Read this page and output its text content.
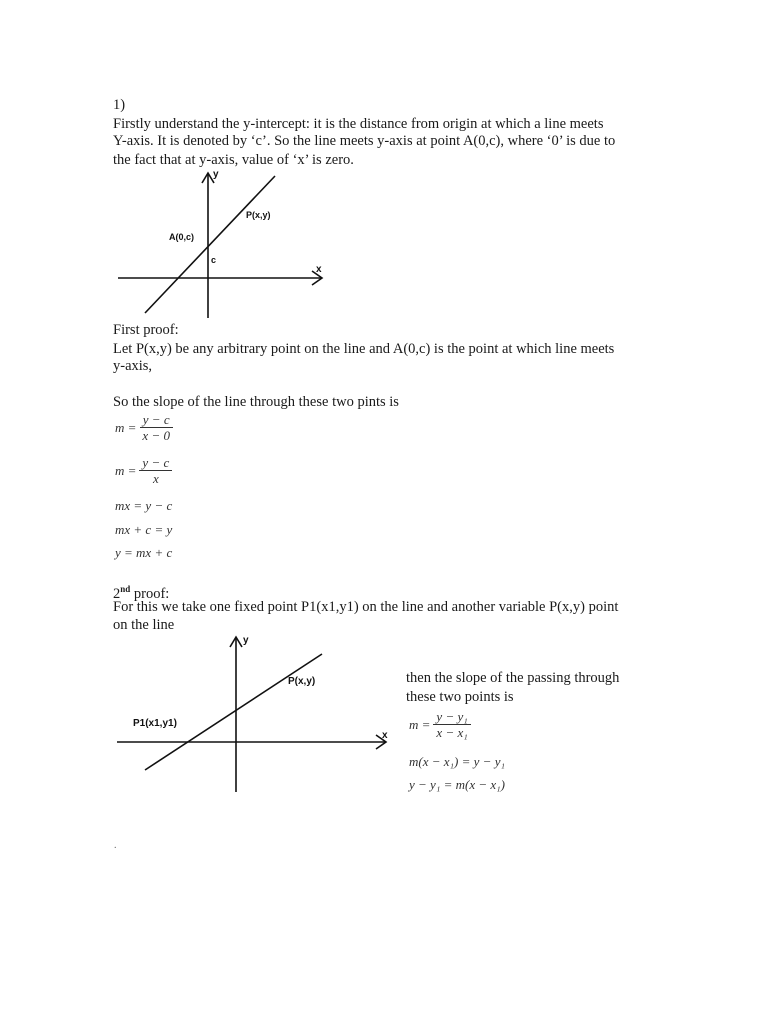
1)
Firstly understand the y-intercept: it is the distance from origin at which a line meets
Y-axis. It is denoted by ‘c’. So the line meets y-axis at point A(0,c), where ‘0’ is due to
the fact that at y-axis, value of ‘x’ is zero.
y
x
P(x,y)
A(0,c)
c
First proof:
Let P(x,y) be any arbitrary point on the line and A(0,c) is the point at which line meets
y-axis,
So the slope of the line through these two pints is
$m = \frac{y - c}{x - 0}$
$m = \frac{y - c}{x}$
mx = y − c
mx + c = y
y = mx + c
2nd proof:
For this we take one fixed point P1(x1,y1) on the line and another variable P(x,y) point
on the line
y
x
P(x,y)
P1(x1,y1)
then the slope of the passing through
these two points is
$m = \frac{\text{y − y₁}}{\text{x − x₁}}$
m(x − x₁) = y − y₁
y − y₁ = m(x − x₁)
.
